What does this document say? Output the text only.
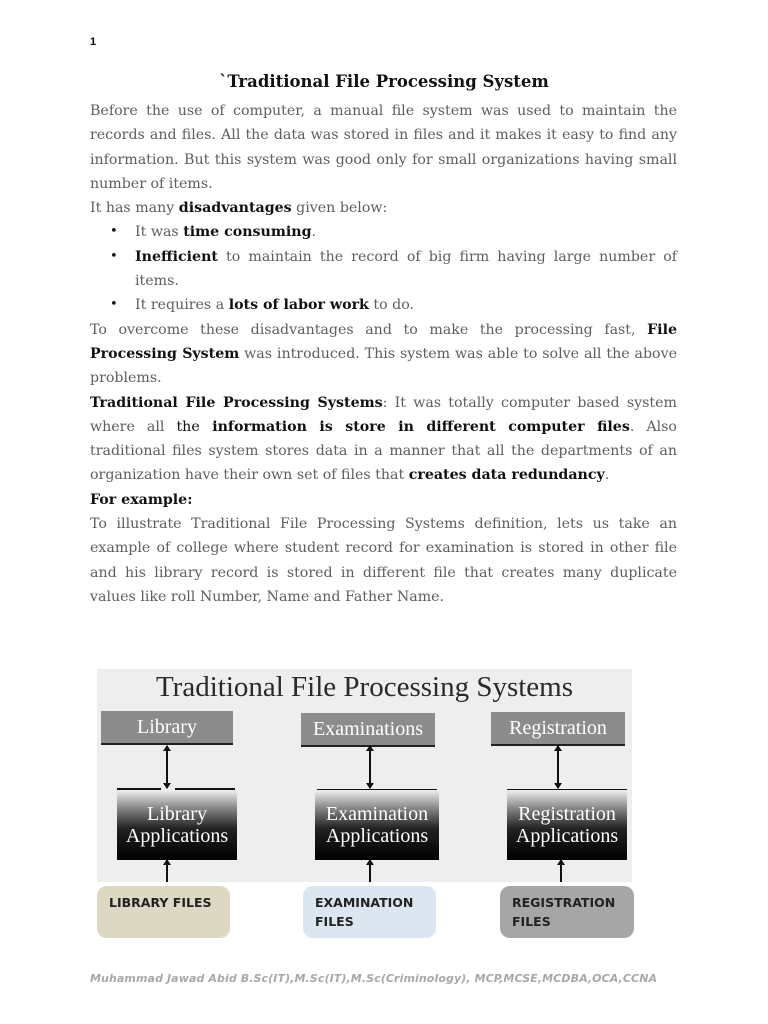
1
`Traditional File Processing System

Before the use of computer, a manual file system was used to maintain the records and files. All the data was stored in files and it makes it easy to find any information. But this system was good only for small organizations having small number of items.

It has many disadvantages given below:

• It was time consuming.
• Inefficient to maintain the record of big firm having large number of items.
• It requires a lots of labor work to do.

To overcome these disadvantages and to make the processing fast, File Processing System was introduced. This system was able to solve all the above problems.

Traditional File Processing Systems: It was totally computer based system where all the information is store in different computer files. Also traditional files system stores data in a manner that all the departments of an organization have their own set of files that creates data redundancy.

For example:

To illustrate Traditional File Processing Systems definition, lets us take an example of college where student record for examination is stored in other file and his library record is stored in different file that creates many duplicate values like roll Number, Name and Father Name.

Traditional File Processing Systems
Library	Examinations	Registration
Library
Applications
Examination
Applications
Registration
Applications
LIBRARY FILES	EXAMINATION
FILES
REGISTRATION
FILES
Muhammad Jawad Abid B.Sc(IT),M.Sc(IT),M.Sc(Criminology), MCP,MCSE,MCDBA,OCA,CCNA
